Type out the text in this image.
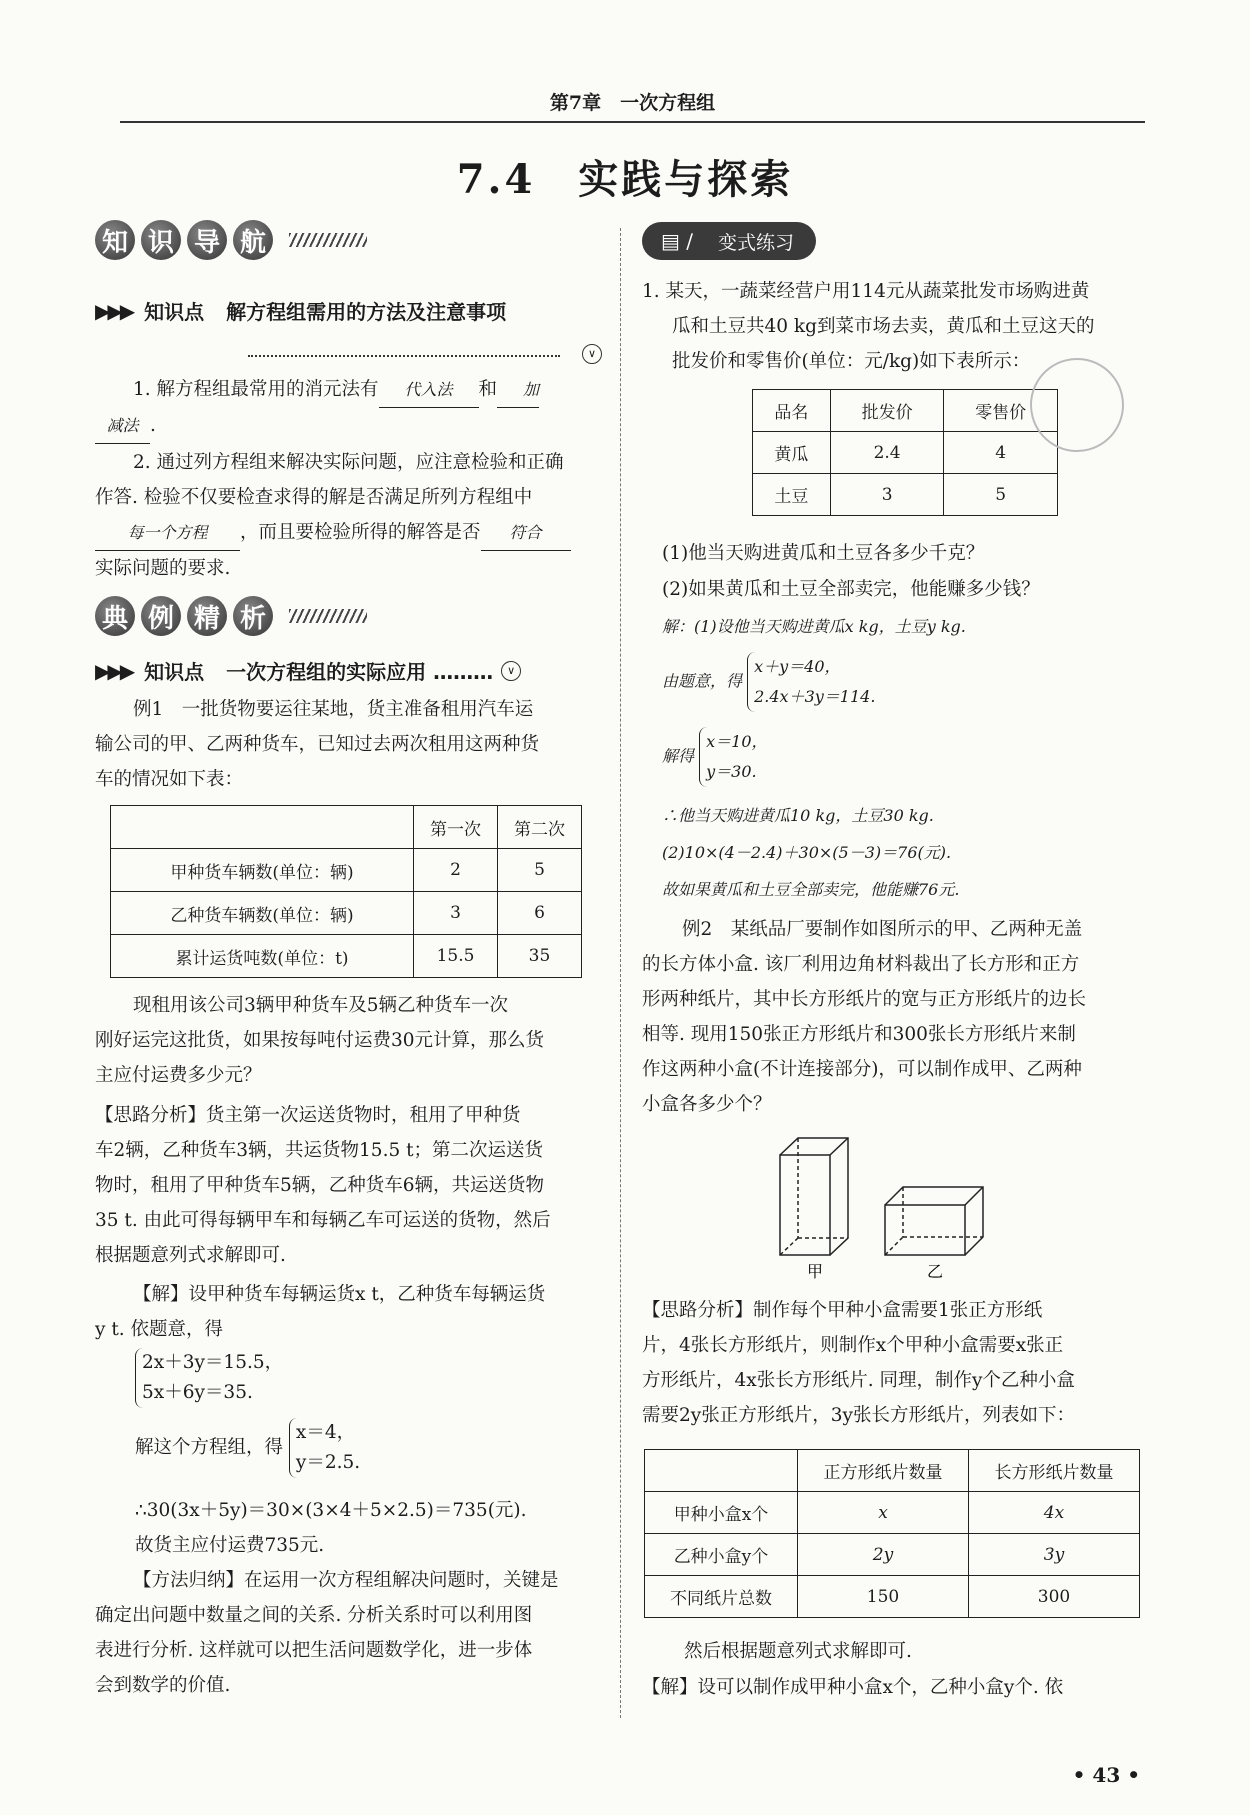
第7章　一次方程组
7.4　实践与探索
知 识 导 航
▶▶▶ 知识点 解方程组需用的方法及注意事项
∨
1. 解方程组最常用的消元法有 代入法 和 加
减法 .
2. 通过列方程组来解决实际问题，应注意检验和正确
作答. 检验不仅要检查求得的解是否满足所列方程组中
每一个方程 ，而且要检验所得的解答是否 符合
实际问题的要求.
典 例 精 析
▶▶▶ 知识点 一次方程组的实际应用 ………	∨
例1　一批货物要运往某地，货主准备租用汽车运
输公司的甲、乙两种货车，已知过去两次租用这两种货
车的情况如下表：
	第一次	第二次
甲种货车辆数(单位：辆)	2	5
乙种货车辆数(单位：辆)	3	6
累计运货吨数(单位：t)	15.5	35
现租用该公司3辆甲种货车及5辆乙种货车一次
刚好运完这批货，如果按每吨付运费30元计算，那么货
主应付运费多少元？
【思路分析】货主第一次运送货物时，租用了甲种货
车2辆，乙种货车3辆，共运货物15.5 t；第二次运送货
物时，租用了甲种货车5辆，乙种货车6辆，共运送货物
35 t. 由此可得每辆甲车和每辆乙车可运送的货物，然后
根据题意列式求解即可.
【解】设甲种货车每辆运货x t，乙种货车每辆运货
y t. 依题意，得
2x＋3y＝15.5，
5x＋6y＝35.
解这个方程组，得 x＝4，
y＝2.5.
∴30(3x＋5y)＝30×(3×4＋5×2.5)＝735(元).
故货主应付运费735元.
【方法归纳】在运用一次方程组解决问题时，关键是
确定出问题中数量之间的关系. 分析关系时可以利用图
表进行分析. 这样就可以把生活问题数学化，进一步体
会到数学的价值.
▤ ∕	变式练习
1. 某天，一蔬菜经营户用114元从蔬菜批发市场购进黄
瓜和土豆共40 kg到菜市场去卖，黄瓜和土豆这天的
批发价和零售价(单位：元/kg)如下表所示：
品名	批发价	零售价
黄瓜	2.4	4
土豆	3	5
(1)他当天购进黄瓜和土豆各多少千克？
(2)如果黄瓜和土豆全部卖完，他能赚多少钱？
解：(1)设他当天购进黄瓜x kg，土豆y kg.
由题意，得 x＋y＝40，
2.4x＋3y＝114.
解得 x＝10，
y＝30.
∴他当天购进黄瓜10 kg，土豆30 kg.
(2)10×(4－2.4)＋30×(5－3)＝76(元).
故如果黄瓜和土豆全部卖完，他能赚76元.
例2　某纸品厂要制作如图所示的甲、乙两种无盖
的长方体小盒. 该厂利用边角材料裁出了长方形和正方
形两种纸片，其中长方形纸片的宽与正方形纸片的边长
相等. 现用150张正方形纸片和300张长方形纸片来制
作这两种小盒(不计连接部分)，可以制作成甲、乙两种
小盒各多少个？
甲	乙
【思路分析】制作每个甲种小盒需要1张正方形纸
片，4张长方形纸片，则制作x个甲种小盒需要x张正
方形纸片，4x张长方形纸片. 同理，制作y个乙种小盒
需要2y张正方形纸片，3y张长方形纸片，列表如下：
	正方形纸片数量	长方形纸片数量
甲种小盒x个	x	4x
乙种小盒y个	2y	3y
不同纸片总数	150	300
然后根据题意列式求解即可.
【解】设可以制作成甲种小盒x个，乙种小盒y个. 依
• 43 •
